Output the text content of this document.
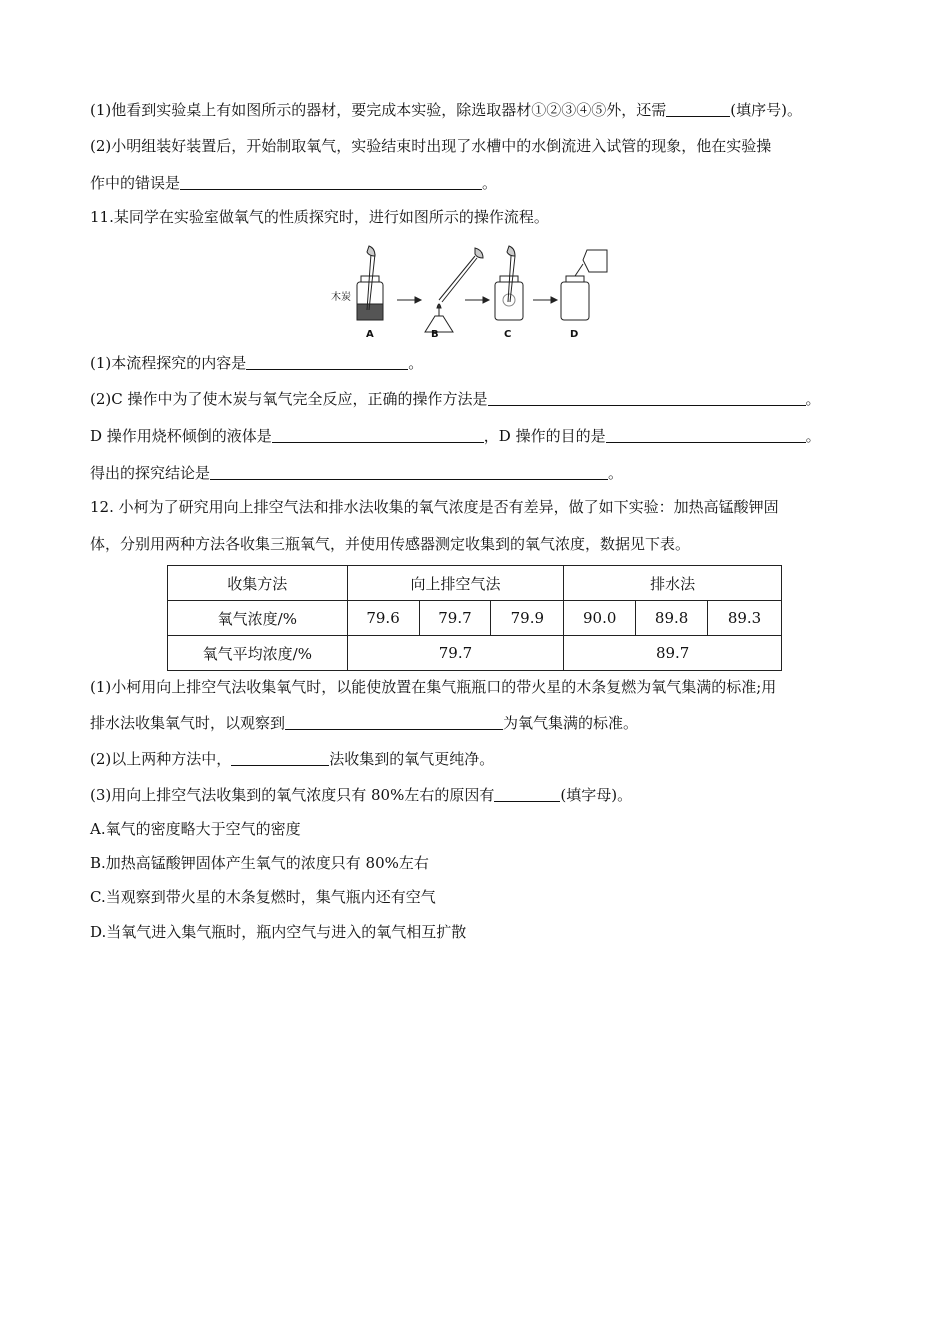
(1)他看到实验桌上有如图所示的器材，要完成本实验，除选取器材①②③④⑤外，还需	(填序号)。
(2)小明组装好装置后，开始制取氧气，实验结束时出现了水槽中的水倒流进入试管的现象，他在实验操
作中的错误是	。
11.某同学在实验室做氧气的性质探究时，进行如图所示的操作流程。
木炭
A	B	C	D
(1)本流程探究的内容是	。
(2)C 操作中为了使木炭与氧气完全反应，正确的操作方法是	。
D 操作用烧杯倾倒的液体是	，D 操作的目的是	。
得出的探究结论是	。
12. 小柯为了研究用向上排空气法和排水法收集的氧气浓度是否有差异，做了如下实验：加热高锰酸钾固
体，分别用两种方法各收集三瓶氧气，并使用传感器测定收集到的氧气浓度，数据见下表。
收集方法	向上排空气法			排水法		
氧气浓度/%	79.6	79.7	79.9	90.0	89.8	89.3
氧气平均浓度/%	79.7			89.7		
(1)小柯用向上排空气法收集氧气时，以能使放置在集气瓶瓶口的带火星的木条复燃为氧气集满的标准;用
排水法收集氧气时，以观察到	为氧气集满的标准。
(2)以上两种方法中，	法收集到的氧气更纯净。
(3)用向上排空气法收集到的氧气浓度只有 80%左右的原因有	(填字母)。
A.氧气的密度略大于空气的密度
B.加热高锰酸钾固体产生氧气的浓度只有 80%左右
C.当观察到带火星的木条复燃时，集气瓶内还有空气
D.当氧气进入集气瓶时，瓶内空气与进入的氧气相互扩散
